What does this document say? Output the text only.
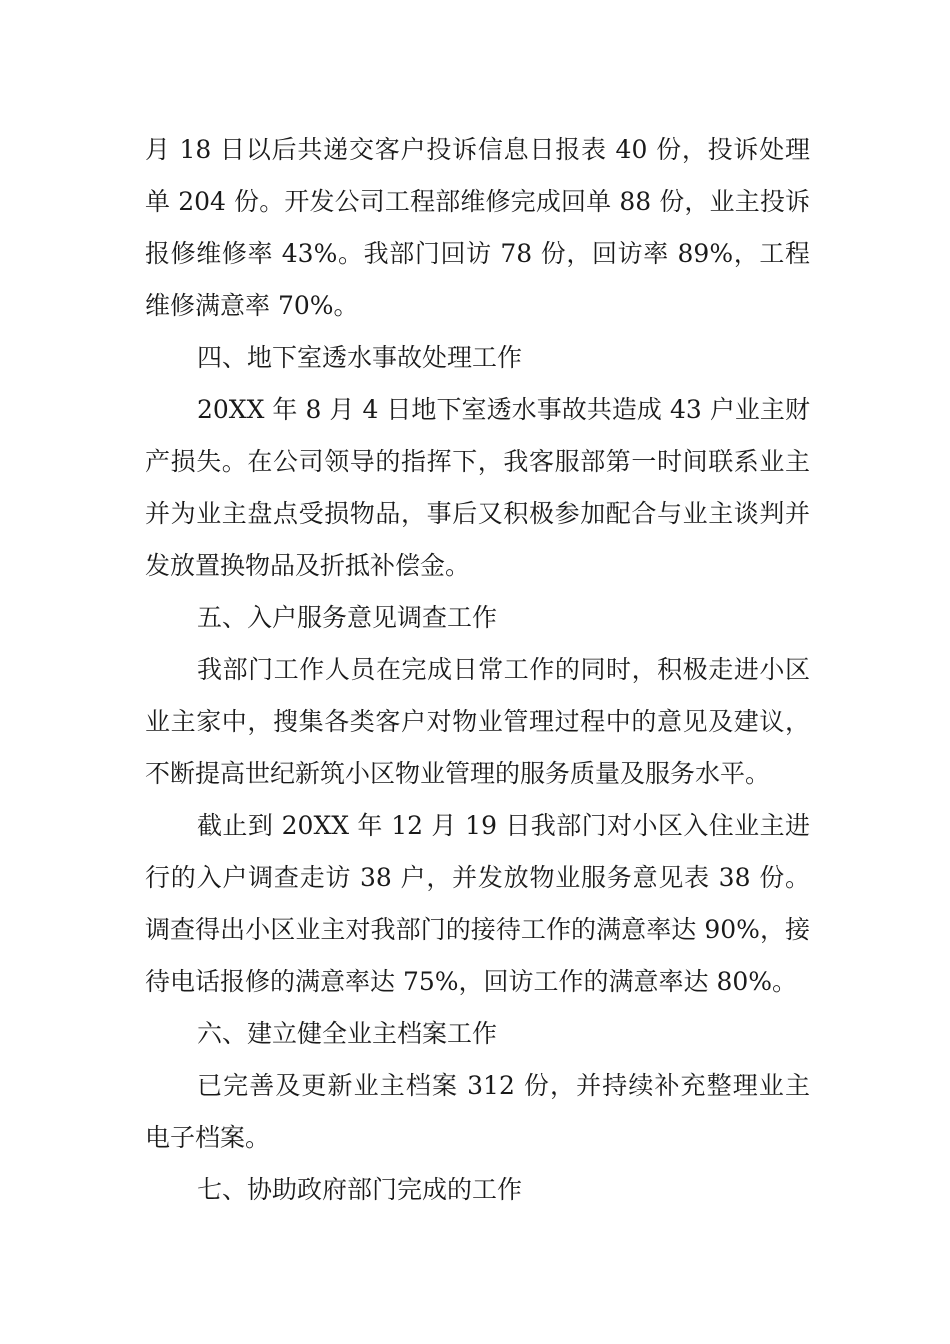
月 18 日以后共递交客户投诉信息日报表 40 份，投诉处理单 204 份。开发公司工程部维修完成回单 88 份，业主投诉报修维修率 43%。我部门回访 78 份，回访率 89%，工程维修满意率 70%。

四、地下室透水事故处理工作

20XX 年 8 月 4 日地下室透水事故共造成 43 户业主财产损失。在公司领导的指挥下，我客服部第一时间联系业主并为业主盘点受损物品，事后又积极参加配合与业主谈判并发放置换物品及折抵补偿金。

五、入户服务意见调查工作

我部门工作人员在完成日常工作的同时，积极走进小区业主家中，搜集各类客户对物业管理过程中的意见及建议，不断提高世纪新筑小区物业管理的服务质量及服务水平。

截止到 20XX 年 12 月 19 日我部门对小区入住业主进行的入户调查走访 38 户，并发放物业服务意见表 38 份。调查得出小区业主对我部门的接待工作的满意率达 90%，接待电话报修的满意率达 75%，回访工作的满意率达 80%。

六、建立健全业主档案工作

已完善及更新业主档案 312 份，并持续补充整理业主电子档案。

七、协助政府部门完成的工作
